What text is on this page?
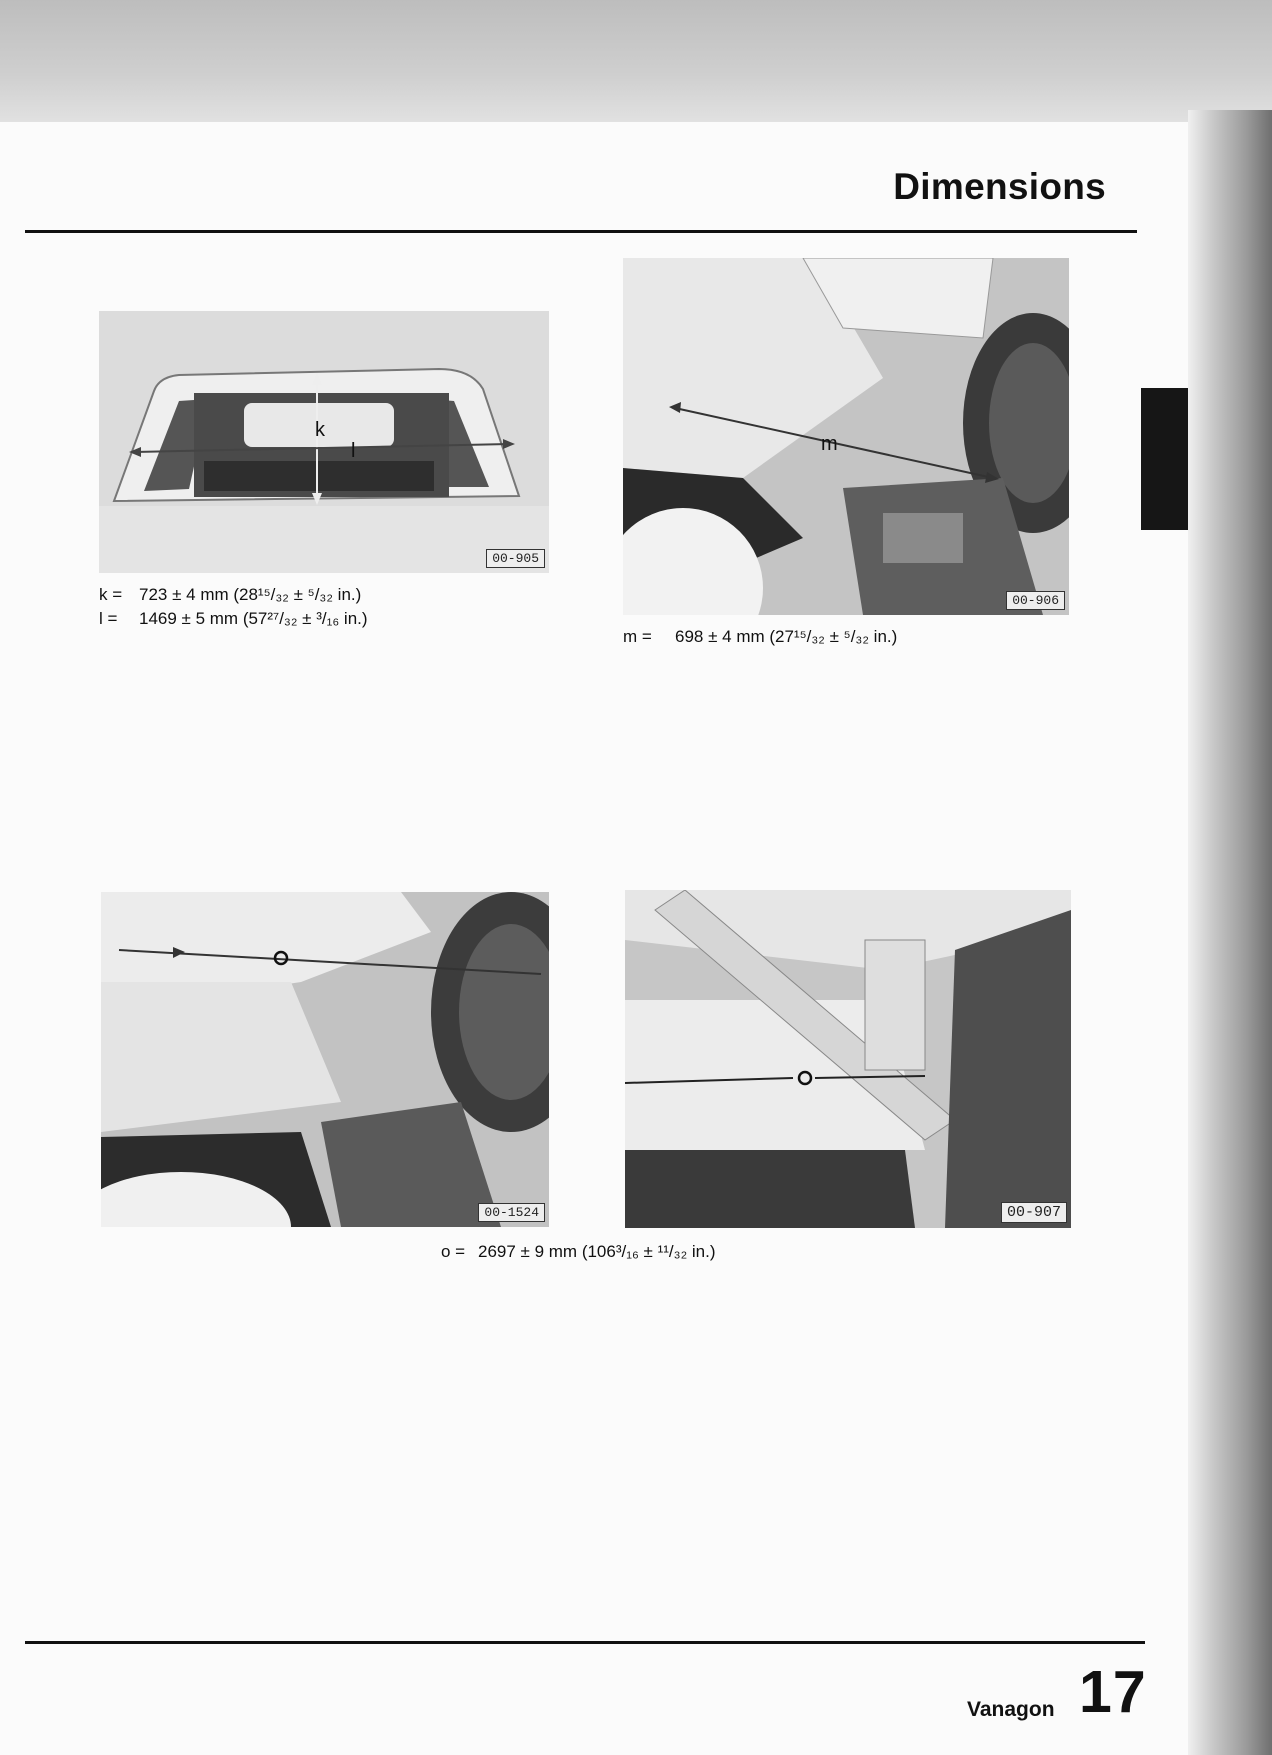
Dimensions
k
l
00-905
m
00-906
k = 723 ± 4 mm (28¹⁵/₃₂ ± ⁵/₃₂ in.)
l = 1469 ± 5 mm (57²⁷/₃₂ ± ³/₁₆ in.)
m = 698 ± 4 mm (27¹⁵/₃₂ ± ⁵/₃₂ in.)
00-1524	00-907
o = 2697 ± 9 mm (106³/₁₆ ± ¹¹/₃₂ in.)
Vanagon 17
